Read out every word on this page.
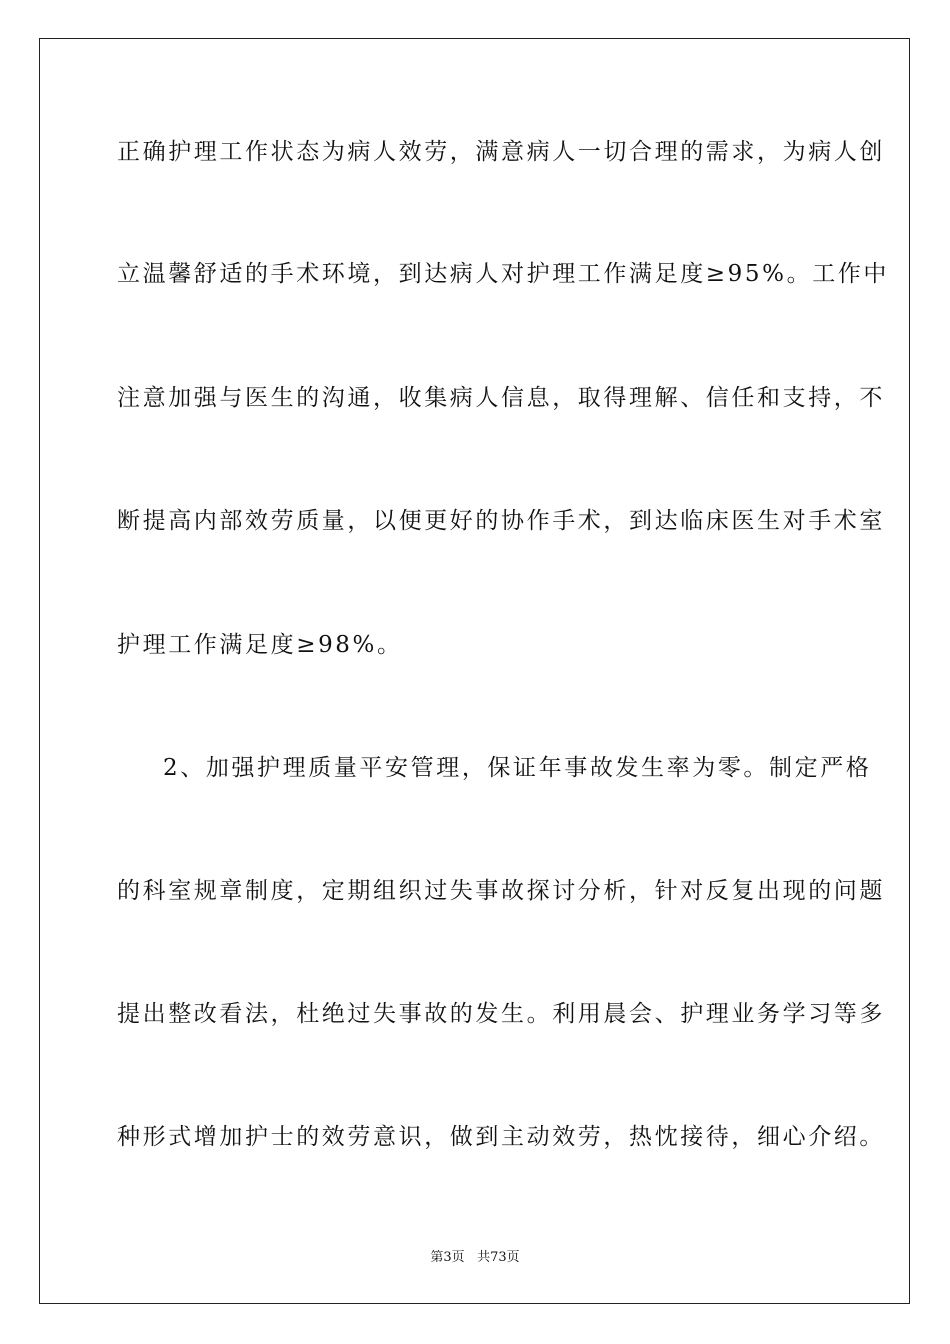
正确护理工作状态为病人效劳，满意病人一切合理的需求，为病人创
立温馨舒适的手术环境，到达病人对护理工作满足度≥95%。工作中
注意加强与医生的沟通，收集病人信息，取得理解、信任和支持，不
断提高内部效劳质量，以便更好的协作手术，到达临床医生对手术室
护理工作满足度≥98%。
2、加强护理质量平安管理，保证年事故发生率为零。制定严格
的科室规章制度，定期组织过失事故探讨分析，针对反复出现的问题
提出整改看法，杜绝过失事故的发生。利用晨会、护理业务学习等多
种形式增加护士的效劳意识，做到主动效劳，热忱接待，细心介绍。
第3页 共73页
